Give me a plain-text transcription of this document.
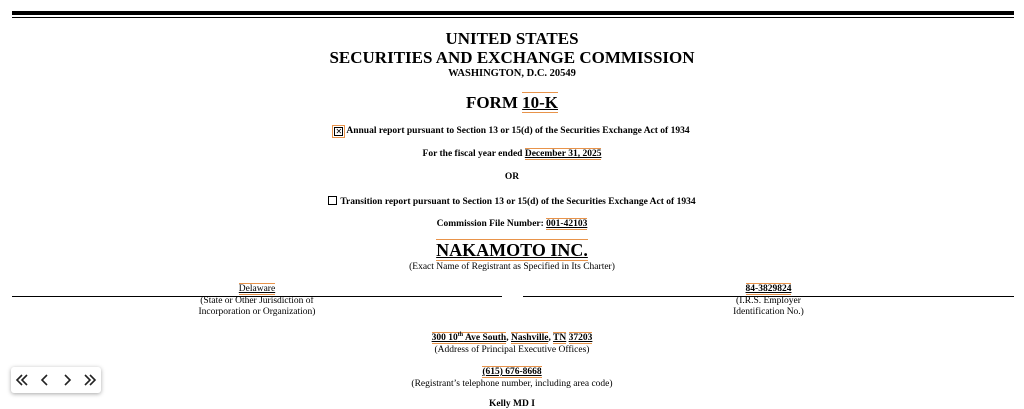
UNITED STATES
SECURITIES AND EXCHANGE COMMISSION
WASHINGTON, D.C. 20549
FORM 10-K
✕ Annual report pursuant to Section 13 or 15(d) of the Securities Exchange Act of 1934
For the fiscal year ended December 31, 2025
OR
Transition report pursuant to Section 13 or 15(d) of the Securities Exchange Act of 1934
Commission File Number: 001-42103
NAKAMOTO INC.
(Exact Name of Registrant as Specified in Its Charter)
Delaware
(State or Other Jurisdiction of
Incorporation or Organization)
84-3829824
(I.R.S. Employer
Identification No.)
300 10th Ave South, Nashville, TN 37203
(Address of Principal Executive Offices)
(615) 676-8668
(Registrant’s telephone number, including area code)
Kelly MD I
